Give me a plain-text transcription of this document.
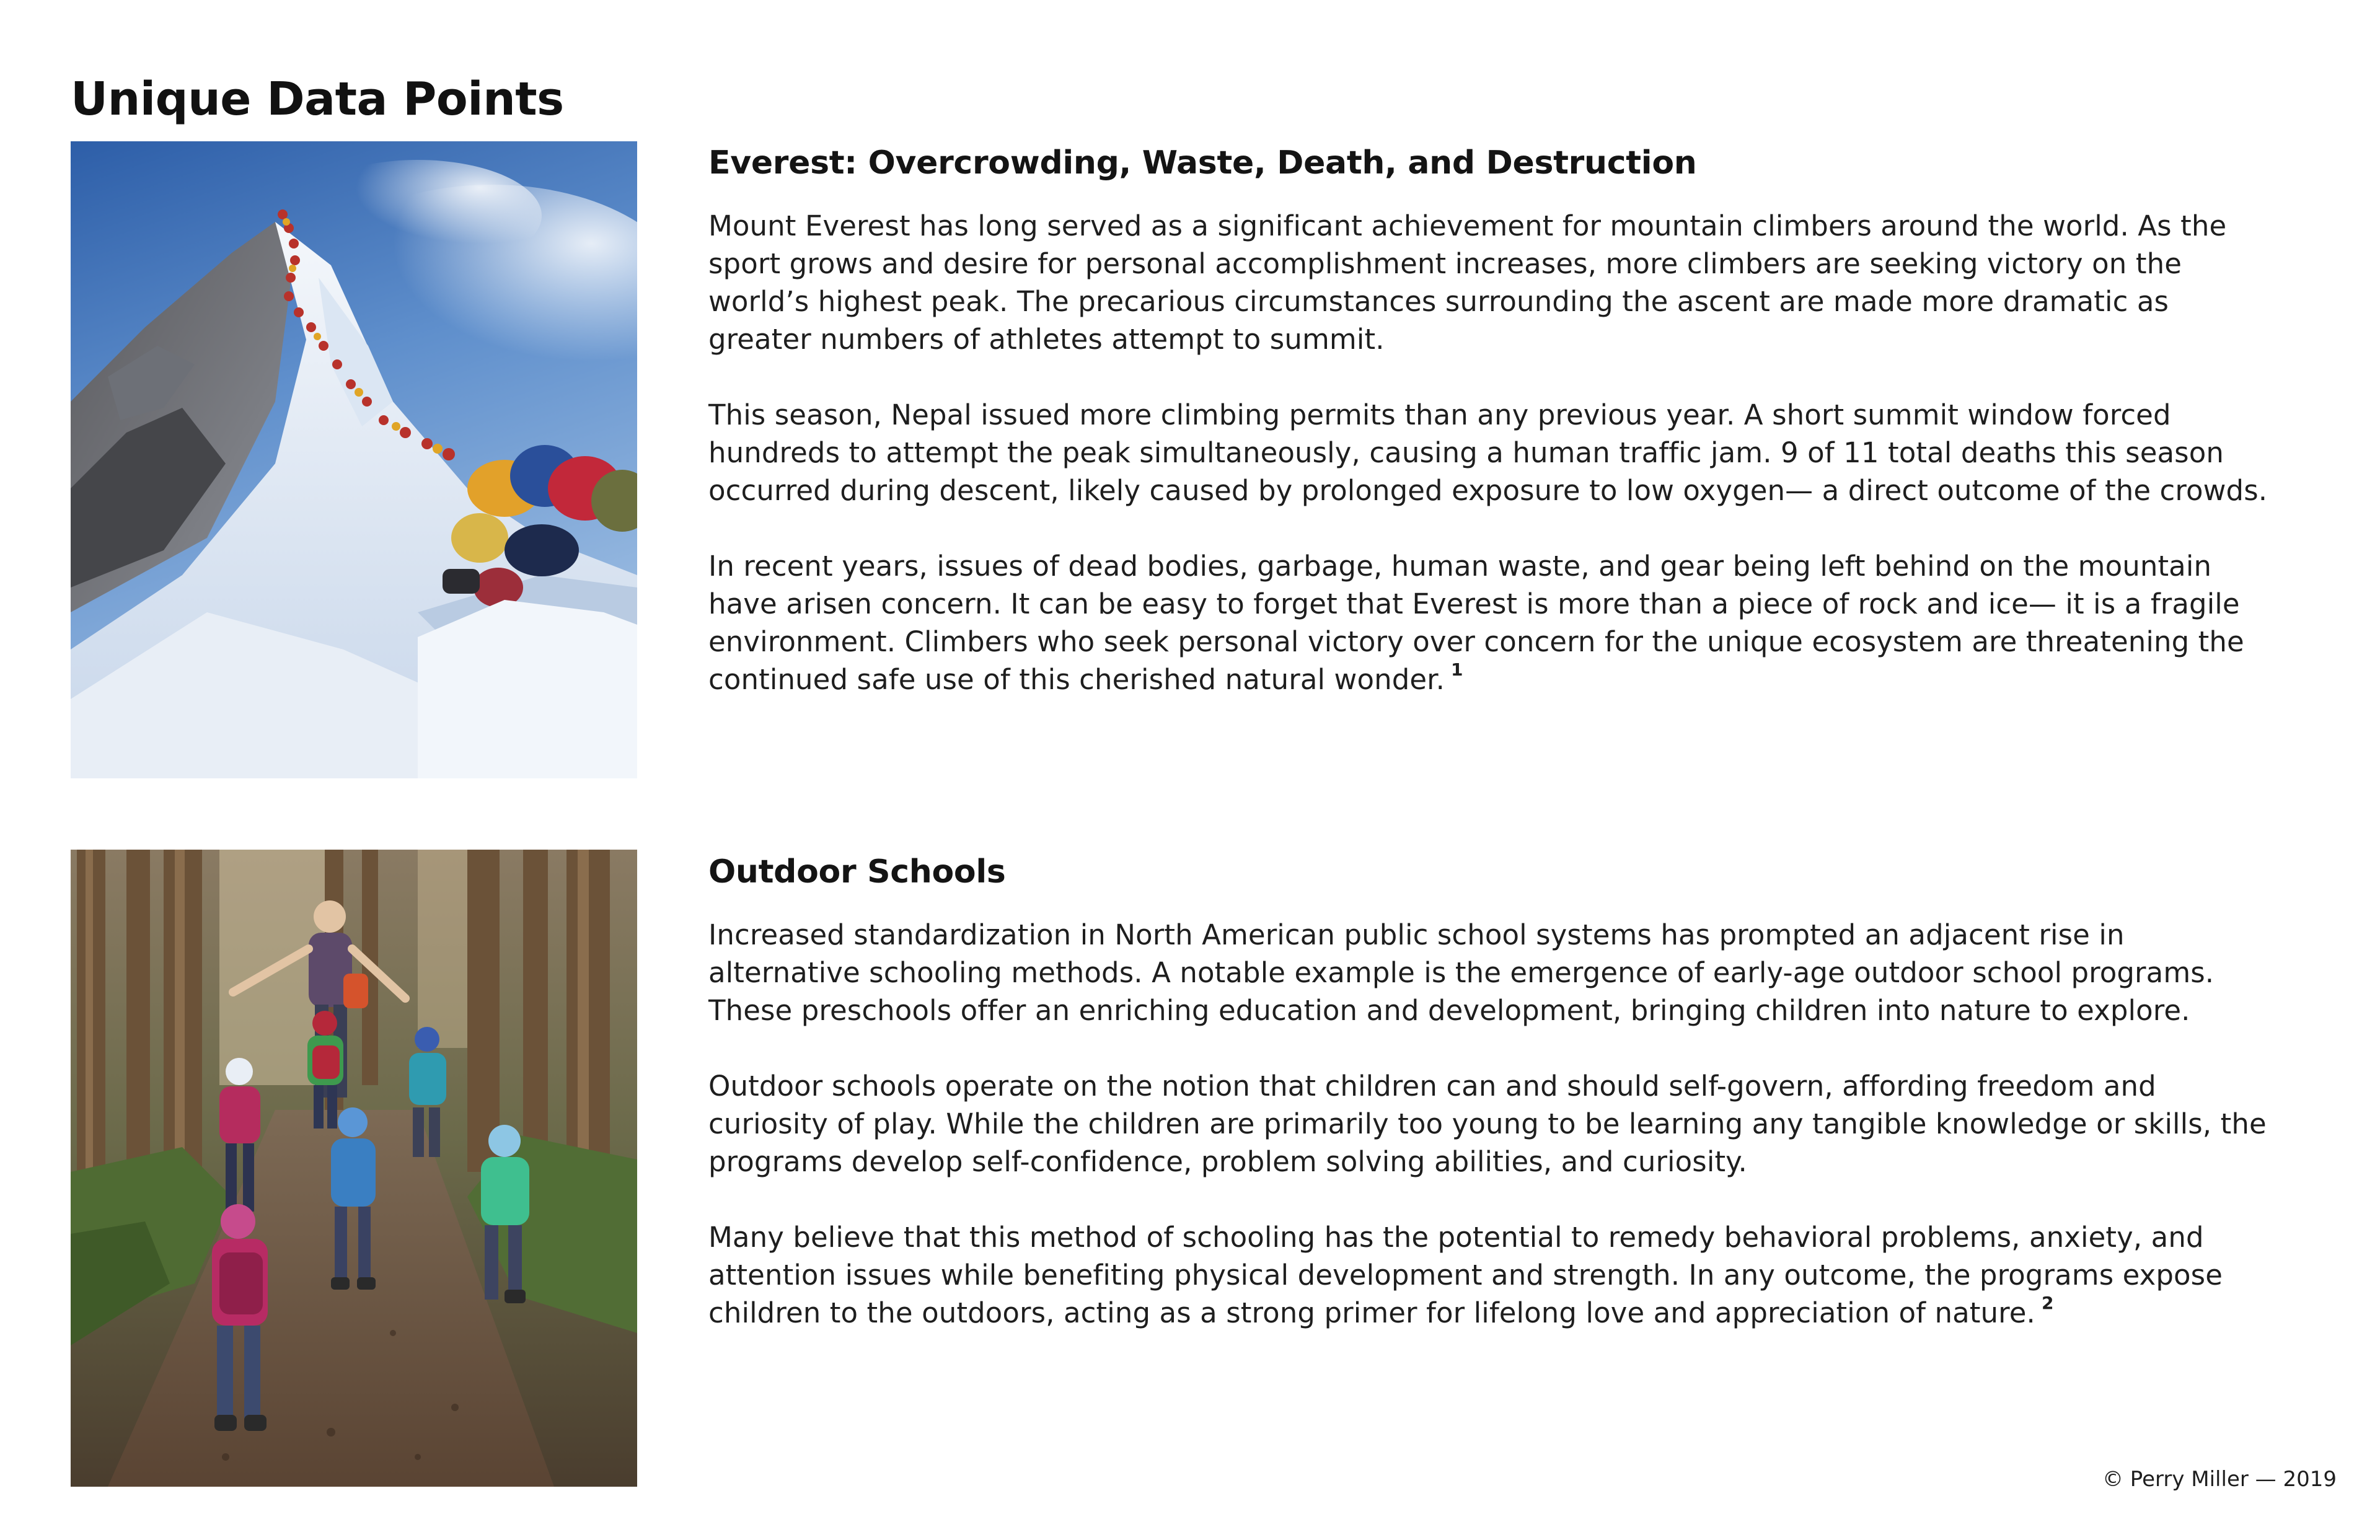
Unique Data Points
Everest: Overcrowding, Waste, Death, and Destruction

Mount Everest has long served as a significant achievement for mountain climbers around the world. As the
sport grows and desire for personal accomplishment increases, more climbers are seeking victory on the
world’s highest peak. The precarious circumstances surrounding the ascent are made more dramatic as
greater numbers of athletes attempt to summit.

This season, Nepal issued more climbing permits than any previous year. A short summit window forced
hundreds to attempt the peak simultaneously, causing a human traffic jam. 9 of 11 total deaths this season
occurred during descent, likely caused by prolonged exposure to low oxygen— a direct outcome of the crowds.

In recent years, issues of dead bodies, garbage, human waste, and gear being left behind on the mountain
have arisen concern. It can be easy to forget that Everest is more than a piece of rock and ice— it is a fragile
environment. Climbers who seek personal victory over concern for the unique ecosystem are threatening the
continued safe use of this cherished natural wonder. $^1$

Outdoor Schools

Increased standardization in North American public school systems has prompted an adjacent rise in
alternative schooling methods. A notable example is the emergence of early-age outdoor school programs.
These preschools offer an enriching education and development, bringing children into nature to explore.

Outdoor schools operate on the notion that children can and should self-govern, affording freedom and
curiosity of play. While the children are primarily too young to be learning any tangible knowledge or skills, the
programs develop self-confidence, problem solving abilities, and curiosity.

Many believe that this method of schooling has the potential to remedy behavioral problems, anxiety, and
attention issues while benefiting physical development and strength. In any outcome, the programs expose
children to the outdoors, acting as a strong primer for lifelong love and appreciation of nature. $^2$

© Perry Miller — 2019
